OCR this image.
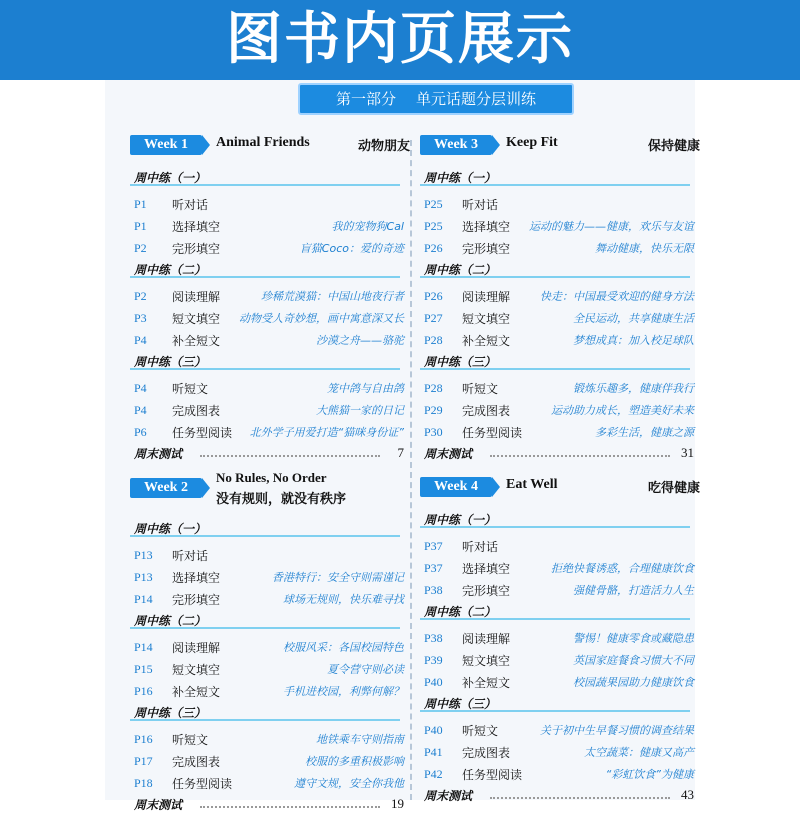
图书内页展示
第一部分 单元话题分层训练
Week 1	Animal Friends	动物朋友
周中练（一）
P1 听对话
P1 选择填空	我的宠物狗Cal
P2 完形填空	盲猫Coco：爱的奇迹
周中练（二）
P2 阅读理解	珍稀荒漠猫：中国山地夜行者
P3 短文填空 动物受人奇妙想，画中寓意深又长
P4 补全短文	沙漠之舟——骆驼
周中练（三）
P4 听短文	笼中鸽与自由鸽
P4 完成图表	大熊猫一家的日记
P6 任务型阅读 北外学子用爱打造“猫咪身份证”
周末测试	7
Week 2
No Rules, No Order
没有规则，就没有秩序
周中练（一）
P13 听对话
P13 选择填空	香港特行：安全守则需谨记
P14 完形填空	球场无规则，快乐难寻找
周中练（二）
P14 阅读理解	校服风采：各国校园特色
P15 短文填空	夏令营守则必读
P16 补全短文	手机进校园，利弊何解？
周中练（三）
P16 听短文	地铁乘车守则指南
P17 完成图表	校服的多重积极影响
P18 任务型阅读	遵守文规，安全你我他
周末测试	19
Week 3	Keep Fit	保持健康
周中练（一）
P25 听对话
P25 选择填空 运动的魅力——健康，欢乐与友谊
P26 完形填空	舞动健康，快乐无限
周中练（二）
P26 阅读理解	快走：中国最受欢迎的健身方法
P27 短文填空	全民运动，共享健康生活
P28 补全短文	梦想成真：加入校足球队
周中练（三）
P28 听短文	锻炼乐趣多，健康伴我行
P29 完成图表	运动助力成长，塑造美好未来
P30 任务型阅读	多彩生活，健康之源
周末测试	31
Week 4	Eat Well	吃得健康
周中练（一）
P37 听对话
P37 选择填空	拒绝快餐诱惑，合理健康饮食
P38 完形填空	强健骨骼，打造活力人生
周中练（二）
P38 阅读理解	警惕！健康零食或藏隐患
P39 短文填空	英国家庭餐食习惯大不同
P40 补全短文	校园蔬果园助力健康饮食
周中练（三）
P40 听短文	关于初中生早餐习惯的调查结果
P41 完成图表	太空蔬菜：健康又高产
P42 任务型阅读	“彩虹饮食”为健康
周末测试	43
